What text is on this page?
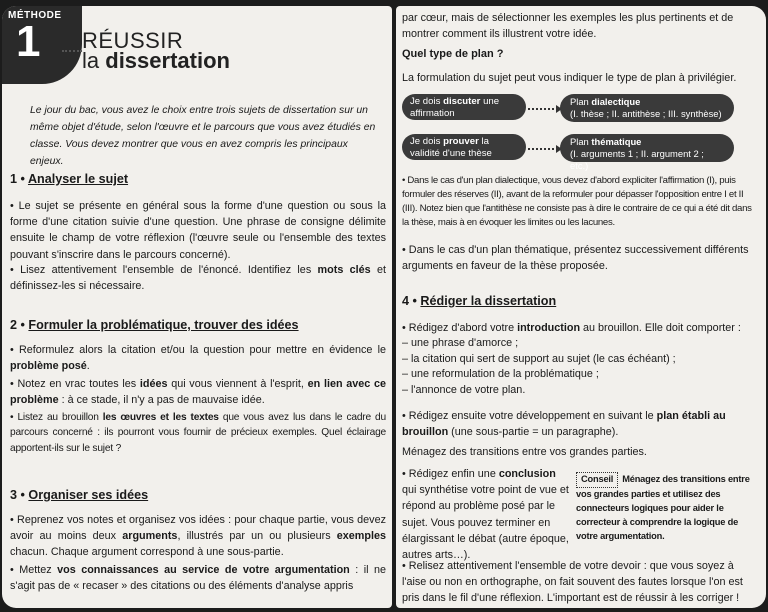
MÉTHODE
1 RÉUSSIR
la dissertation
Le jour du bac, vous avez le choix entre trois sujets de dissertation sur un même objet d'étude, selon l'œuvre et le parcours que vous avez étudiés en classe. Vous devez montrer que vous en avez compris les principaux enjeux.
1 • Analyser le sujet
• Le sujet se présente en général sous la forme d'une question ou sous la forme d'une citation suivie d'une question. Une phrase de consigne délimite ensuite le champ de votre réflexion (l'œuvre seule ou l'ensemble des textes pouvant s'inscrire dans le parcours concerné).
• Lisez attentivement l'ensemble de l'énoncé. Identifiez les mots clés et définissez-les si nécessaire.
2 • Formuler la problématique, trouver des idées
• Reformulez alors la citation et/ou la question pour mettre en évidence le problème posé.
• Notez en vrac toutes les idées qui vous viennent à l'esprit, en lien avec ce problème : à ce stade, il n'y a pas de mauvaise idée.
• Listez au brouillon les œuvres et les textes que vous avez lus dans le cadre du parcours concerné : ils pourront vous fournir de précieux exemples. Quel éclairage apportent-ils sur le sujet ?
3 • Organiser ses idées
• Reprenez vos notes et organisez vos idées : pour chaque partie, vous devez avoir au moins deux arguments, illustrés par un ou plusieurs exemples chacun. Chaque argument correspond à une sous-partie.
• Mettez vos connaissances au service de votre argumentation : il ne s'agit pas de « recaser » des citations ou des éléments d'analyse appris
par cœur, mais de sélectionner les exemples les plus pertinents et de montrer comment ils illustrent votre idée.
Quel type de plan ?
La formulation du sujet peut vous indiquer le type de plan à privilégier.
Je dois discuter une affirmation
Plan dialectique
(I. thèse ; II. antithèse ; III. synthèse)
Je dois prouver la validité d'une thèse
Plan thématique
(I. arguments 1 ; II. argument 2 ; etc.)
• Dans le cas d'un plan dialectique, vous devez d'abord expliciter l'affirmation (I), puis formuler des réserves (II), avant de la reformuler pour dépasser l'opposition entre I et II (III). Notez bien que l'antithèse ne consiste pas à dire le contraire de ce qui a été dit dans la thèse, mais à en évoquer les limites ou les lacunes.
• Dans le cas d'un plan thématique, présentez successivement différents arguments en faveur de la thèse proposée.
4 • Rédiger la dissertation
• Rédigez d'abord votre introduction au brouillon. Elle doit comporter :
– une phrase d'amorce ;
– la citation qui sert de support au sujet (le cas échéant) ;
– une reformulation de la problématique ;
– l'annonce de votre plan.
• Rédigez ensuite votre développement en suivant le plan établi au brouillon (une sous-partie = un paragraphe).
Ménagez des transitions entre vos grandes parties.
• Rédigez enfin une conclusion qui synthétise votre point de vue et répond au problème posé par le sujet. Vous pouvez terminer en élargissant le débat (autre époque, autres arts…).
Conseil Ménagez des transitions entre vos grandes parties et utilisez des connecteurs logiques pour aider le correcteur à comprendre la logique de votre argumentation.
• Relisez attentivement l'ensemble de votre devoir : que vous soyez à l'aise ou non en orthographe, on fait souvent des fautes lorsque l'on est pris dans le fil d'une réflexion. L'important est de réussir à les corriger !
